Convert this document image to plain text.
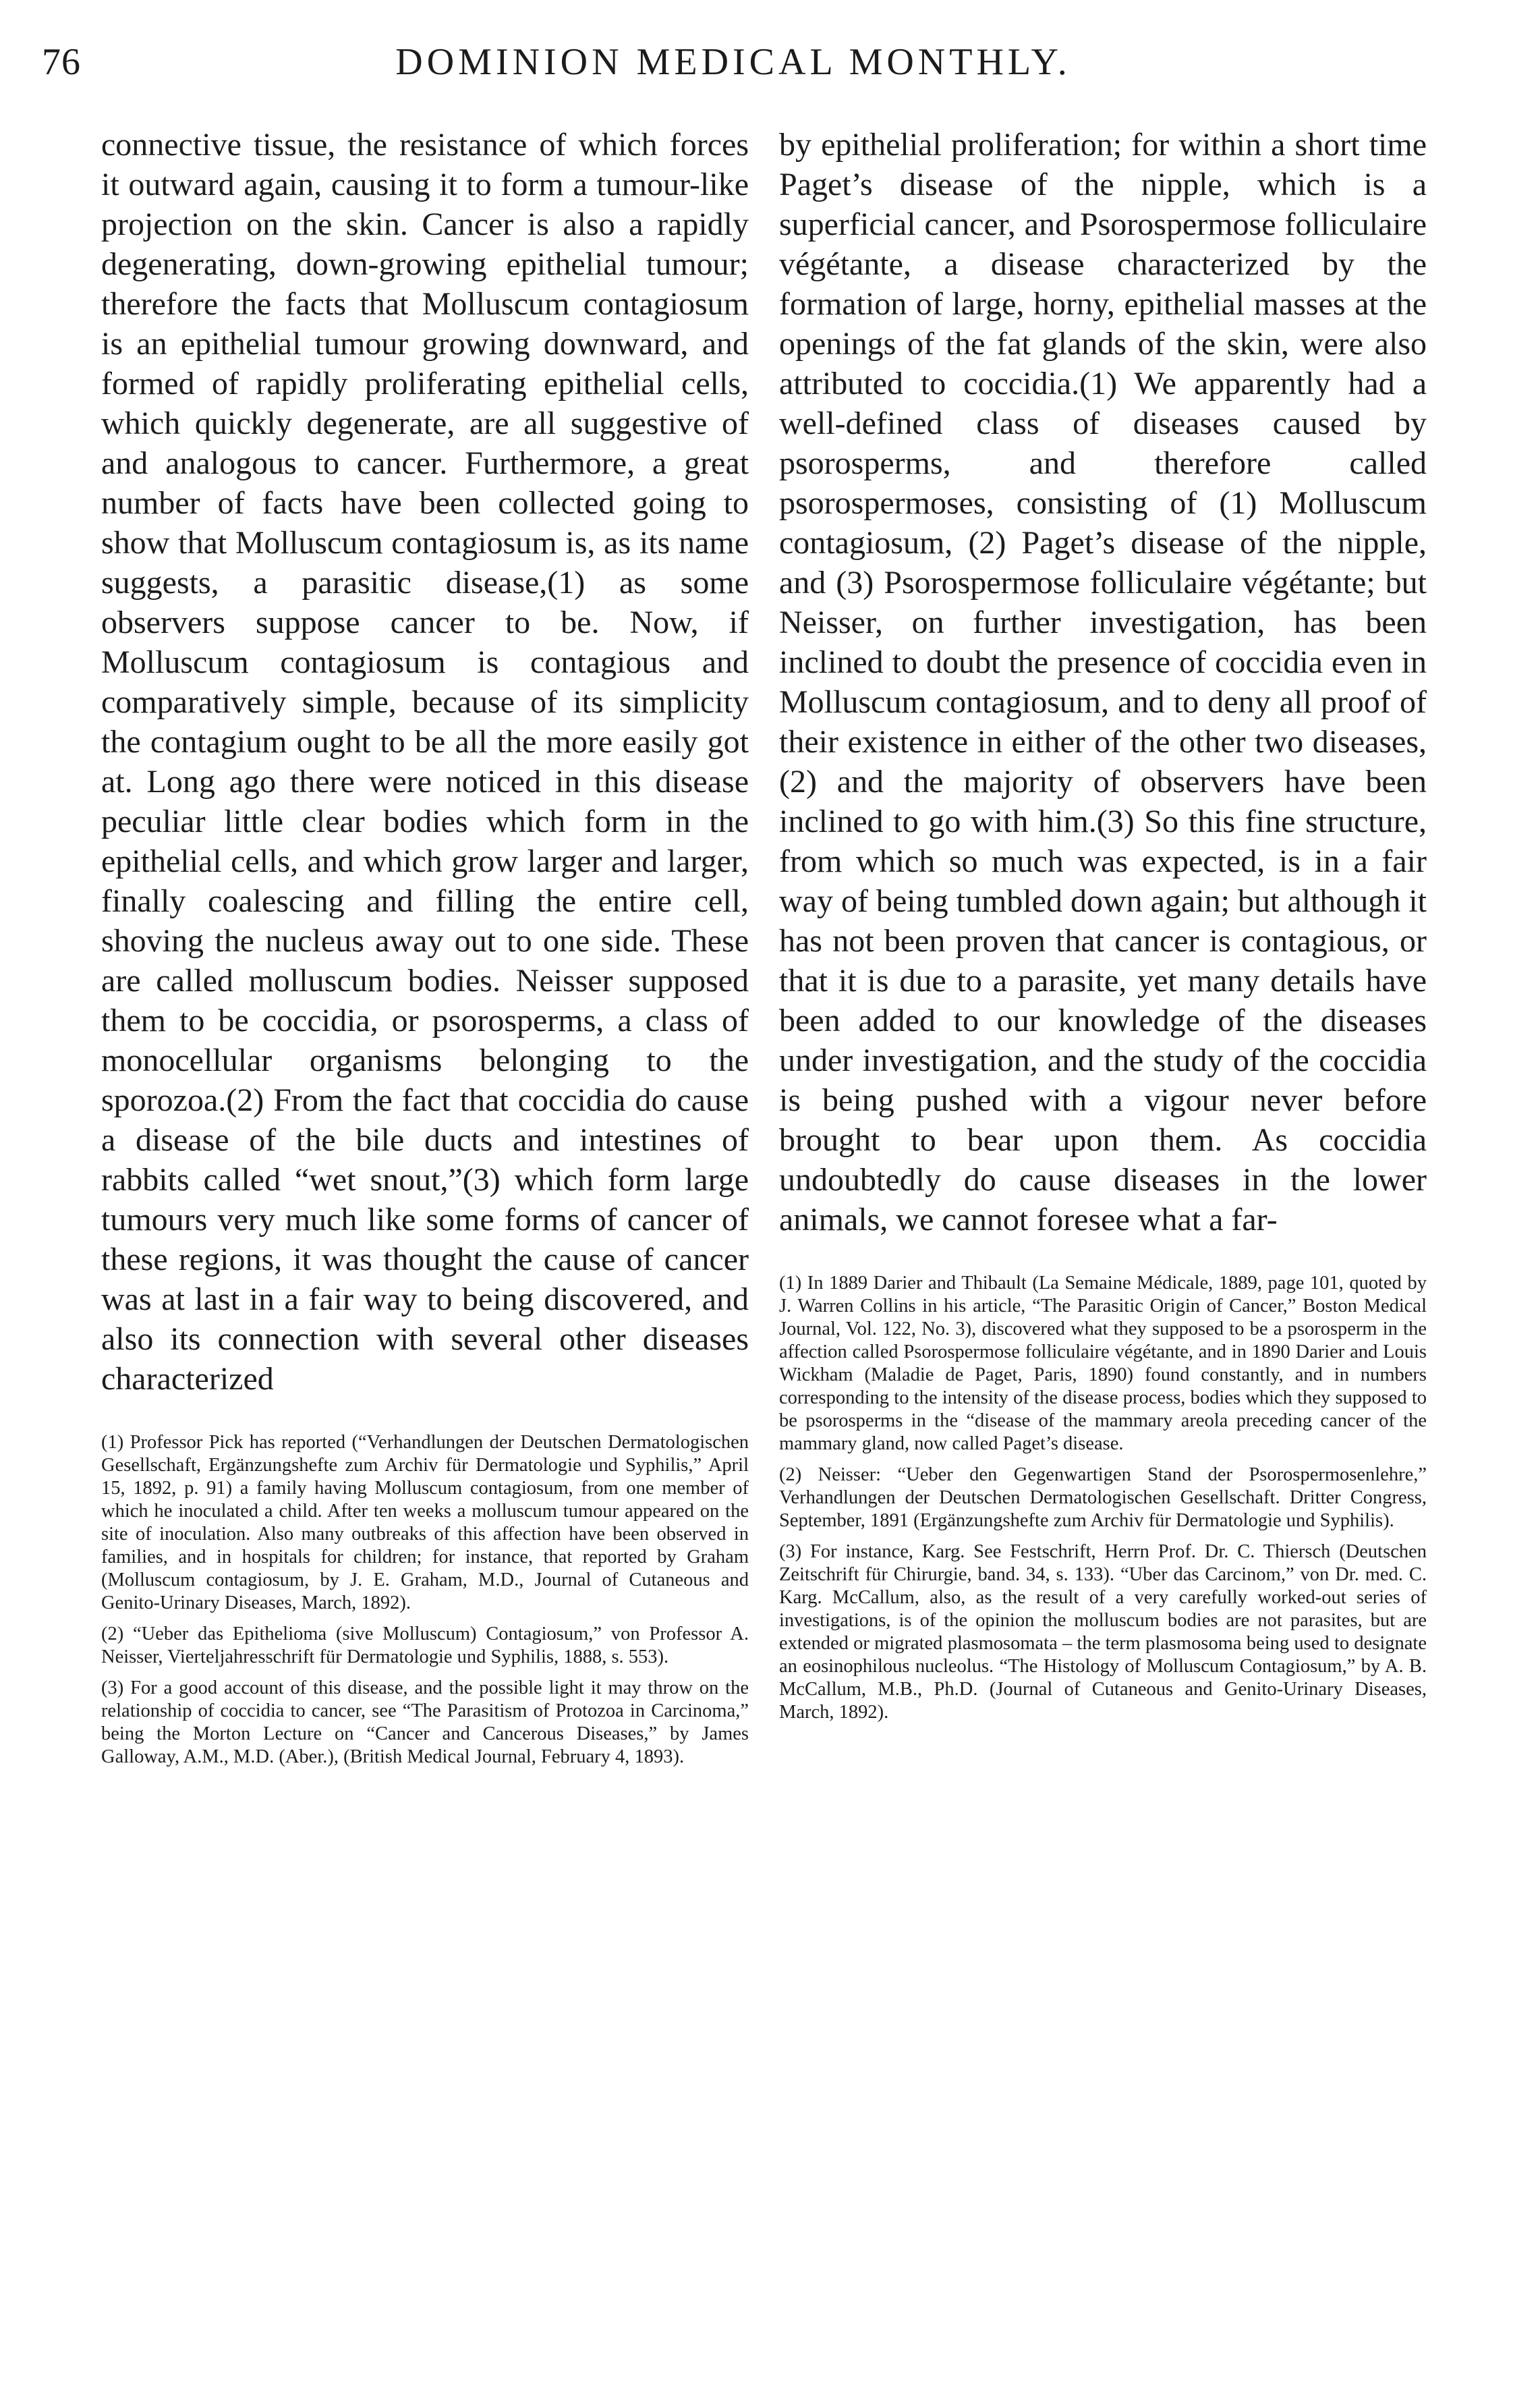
76	DOMINION MEDICAL MONTHLY.

connective tissue, the resistance of which forces it outward again, causing it to form a tumour-like projection on the skin. Cancer is also a rapidly degenerating, down-growing epithelial tumour; therefore the facts that Molluscum contagiosum is an epithelial tumour growing downward, and formed of rapidly proliferating epithelial cells, which quickly degenerate, are all suggestive of and analogous to cancer. Furthermore, a great number of facts have been collected going to show that Molluscum contagiosum is, as its name suggests, a parasitic disease,(1) as some observers suppose cancer to be. Now, if Molluscum contagiosum is contagious and comparatively simple, because of its simplicity the contagium ought to be all the more easily got at. Long ago there were noticed in this disease peculiar little clear bodies which form in the epithelial cells, and which grow larger and larger, finally coalescing and filling the entire cell, shoving the nucleus away out to one side. These are called molluscum bodies. Neisser supposed them to be coccidia, or psorosperms, a class of monocellular organisms belonging to the sporozoa.(2) From the fact that coccidia do cause a disease of the bile ducts and intestines of rabbits called “wet snout,”(3) which form large tumours very much like some forms of cancer of these regions, it was thought the cause of cancer was at last in a fair way to being discovered, and also its connection with several other diseases characterized

(1) Professor Pick has reported (“Verhandlungen der Deutschen Dermatologischen Gesellschaft, Ergänzungshefte zum Archiv für Dermatologie und Syphilis,” April 15, 1892, p. 91) a family having Molluscum contagiosum, from one member of which he inoculated a child. After ten weeks a molluscum tumour appeared on the site of inoculation. Also many outbreaks of this affection have been observed in families, and in hospitals for children; for instance, that reported by Graham (Molluscum contagiosum, by J. E. Graham, M.D., Journal of Cutaneous and Genito-Urinary Diseases, March, 1892).

(2) “Ueber das Epithelioma (sive Molluscum) Contagiosum,” von Professor A. Neisser, Vierteljahresschrift für Dermatologie und Syphilis, 1888, s. 553).

(3) For a good account of this disease, and the possible light it may throw on the relationship of coccidia to cancer, see “The Parasitism of Protozoa in Carcinoma,” being the Morton Lecture on “Cancer and Cancerous Diseases,” by James Galloway, A.M., M.D. (Aber.), (British Medical Journal, February 4, 1893).

by epithelial proliferation; for within a short time Paget’s disease of the nipple, which is a superficial cancer, and Psorospermose folliculaire végétante, a disease characterized by the formation of large, horny, epithelial masses at the openings of the fat glands of the skin, were also attributed to coccidia.(1) We apparently had a well-defined class of diseases caused by psorosperms, and therefore called psorospermoses, consisting of (1) Molluscum contagiosum, (2) Paget’s disease of the nipple, and (3) Psorospermose folliculaire végétante; but Neisser, on further investigation, has been inclined to doubt the presence of coccidia even in Molluscum contagiosum, and to deny all proof of their existence in either of the other two diseases,(2) and the majority of observers have been inclined to go with him.(3) So this fine structure, from which so much was expected, is in a fair way of being tumbled down again; but although it has not been proven that cancer is contagious, or that it is due to a parasite, yet many details have been added to our knowledge of the diseases under investigation, and the study of the coccidia is being pushed with a vigour never before brought to bear upon them. As coccidia undoubtedly do cause diseases in the lower animals, we cannot foresee what a far-

(1) In 1889 Darier and Thibault (La Semaine Médicale, 1889, page 101, quoted by J. Warren Collins in his article, “The Parasitic Origin of Cancer,” Boston Medical Journal, Vol. 122, No. 3), discovered what they supposed to be a psorosperm in the affection called Psorospermose folliculaire végétante, and in 1890 Darier and Louis Wickham (Maladie de Paget, Paris, 1890) found constantly, and in numbers corresponding to the intensity of the disease process, bodies which they supposed to be psorosperms in the “disease of the mammary areola preceding cancer of the mammary gland, now called Paget’s disease.

(2) Neisser: “Ueber den Gegenwartigen Stand der Psorospermosenlehre,” Verhandlungen der Deutschen Dermatologischen Gesellschaft. Dritter Congress, September, 1891 (Ergänzungshefte zum Archiv für Dermatologie und Syphilis).

(3) For instance, Karg. See Festschrift, Herrn Prof. Dr. C. Thiersch (Deutschen Zeitschrift für Chirurgie, band. 34, s. 133). “Uber das Carcinom,” von Dr. med. C. Karg. McCallum, also, as the result of a very carefully worked-out series of investigations, is of the opinion the molluscum bodies are not parasites, but are extended or migrated plasmosomata – the term plasmosoma being used to designate an eosinophilous nucleolus. “The Histology of Molluscum Contagiosum,” by A. B. McCallum, M.B., Ph.D. (Journal of Cutaneous and Genito-Urinary Diseases, March, 1892).
